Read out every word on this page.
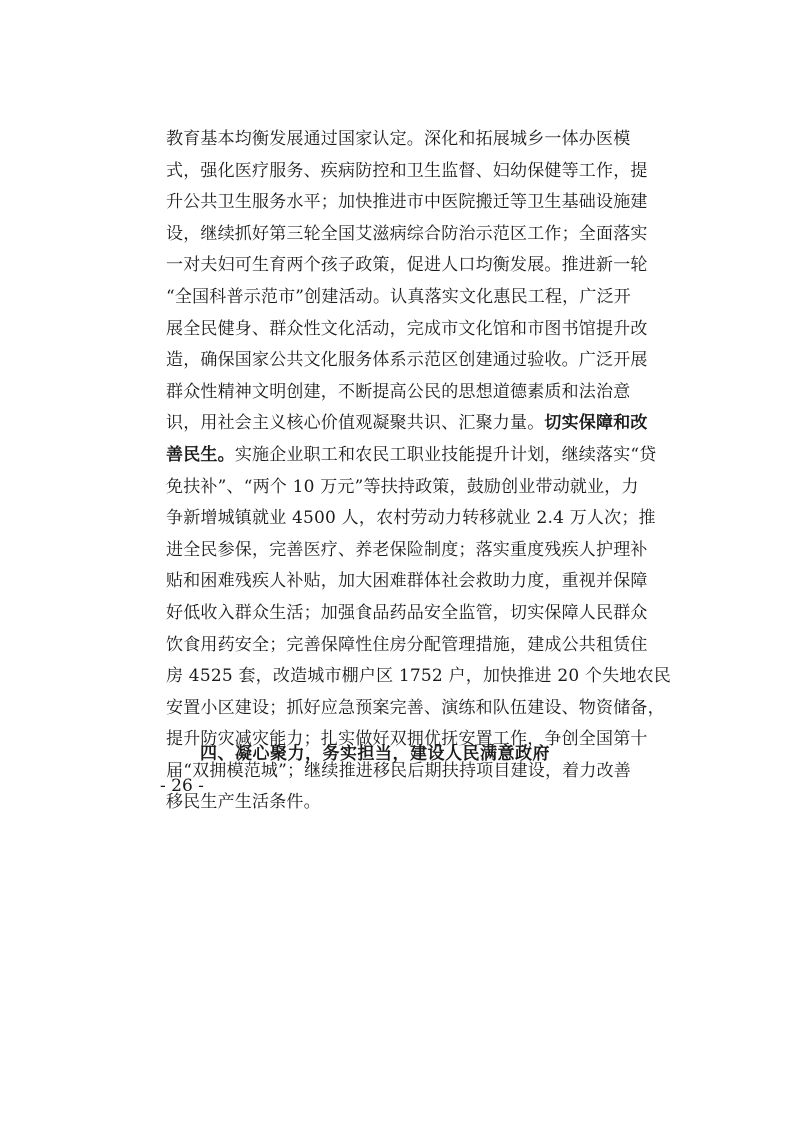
教育基本均衡发展通过国家认定。深化和拓展城乡一体办医模
式，强化医疗服务、疾病防控和卫生监督、妇幼保健等工作，提
升公共卫生服务水平；加快推进市中医院搬迁等卫生基础设施建
设，继续抓好第三轮全国艾滋病综合防治示范区工作；全面落实
一对夫妇可生育两个孩子政策，促进人口均衡发展。推进新一轮
“全国科普示范市”创建活动。认真落实文化惠民工程，广泛开
展全民健身、群众性文化活动，完成市文化馆和市图书馆提升改
造，确保国家公共文化服务体系示范区创建通过验收。广泛开展
群众性精神文明创建，不断提高公民的思想道德素质和法治意
识，用社会主义核心价值观凝聚共识、汇聚力量。切实保障和改
善民生。实施企业职工和农民工职业技能提升计划，继续落实“贷
免扶补”、“两个 10 万元”等扶持政策，鼓励创业带动就业，力
争新增城镇就业 4500 人，农村劳动力转移就业 2.4 万人次；推
进全民参保，完善医疗、养老保险制度；落实重度残疾人护理补
贴和困难残疾人补贴，加大困难群体社会救助力度，重视并保障
好低收入群众生活；加强食品药品安全监管，切实保障人民群众
饮食用药安全；完善保障性住房分配管理措施，建成公共租赁住
房 4525 套，改造城市棚户区 1752 户，加快推进 20 个失地农民
安置小区建设；抓好应急预案完善、演练和队伍建设、物资储备，
提升防灾减灾能力；扎实做好双拥优抚安置工作，争创全国第十
届“双拥模范城”；继续推进移民后期扶持项目建设，着力改善
移民生产生活条件。
四、凝心聚力，务实担当，建设人民满意政府
- 26 -
